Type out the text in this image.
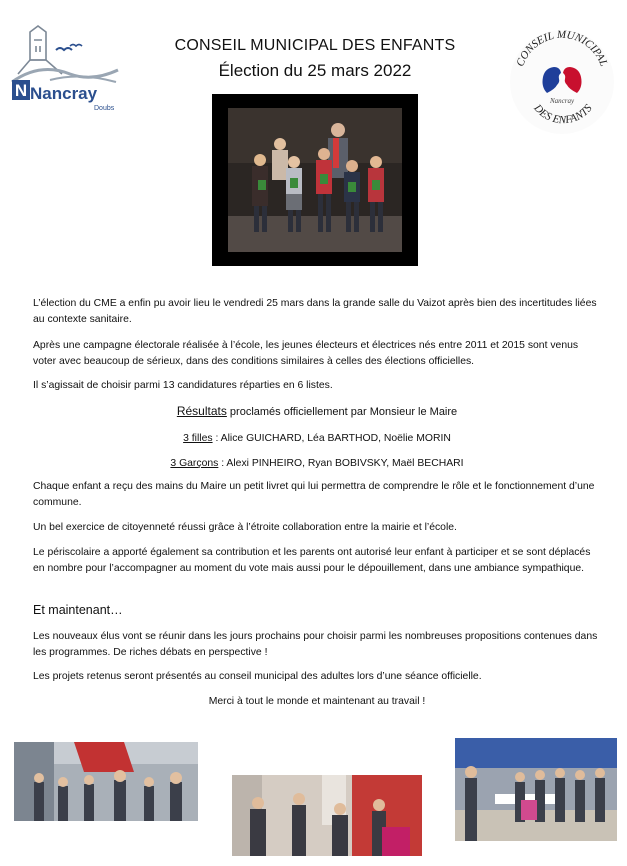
N Nancray
Doubs
CONSEIL MUNICIPAL DES ENFANTS
Élection du 25 mars 2022	CONSEIL MUNICIPAL
Nancray
DES ENFANTS
L’élection du CME a enfin pu avoir lieu le vendredi 25 mars dans la grande salle du Vaizot après bien des incertitudes liées au contexte sanitaire.
Après une campagne électorale réalisée à l’école, les jeunes électeurs et électrices nés entre 2011 et 2015 sont venus voter avec beaucoup de sérieux, dans des conditions similaires à celles des élections officielles.
Il s’agissait de choisir parmi 13 candidatures réparties en 6 listes.
Résultats proclamés officiellement par Monsieur le Maire
3 filles : Alice GUICHARD, Léa BARTHOD, Noëlie MORIN
3 Garçons : Alexi PINHEIRO, Ryan BOBIVSKY, Maël BECHARI
Chaque enfant a reçu des mains du Maire un petit livret qui lui permettra de comprendre le rôle et le fonctionnement d’une commune.
Un bel exercice de citoyenneté réussi grâce à l’étroite collaboration entre la mairie et l’école.
Le périscolaire a apporté également sa contribution et les parents ont autorisé leur enfant à participer et se sont déplacés en nombre pour l’accompagner au moment du vote mais aussi pour le dépouillement, dans une ambiance sympathique.
Et maintenant…
Les nouveaux élus vont se réunir dans les jours prochains pour choisir parmi les nombreuses propositions contenues dans les programmes. De riches débats en perspective !
Les projets retenus seront présentés au conseil municipal des adultes lors d’une séance officielle.
Merci à tout le monde et maintenant au travail !
